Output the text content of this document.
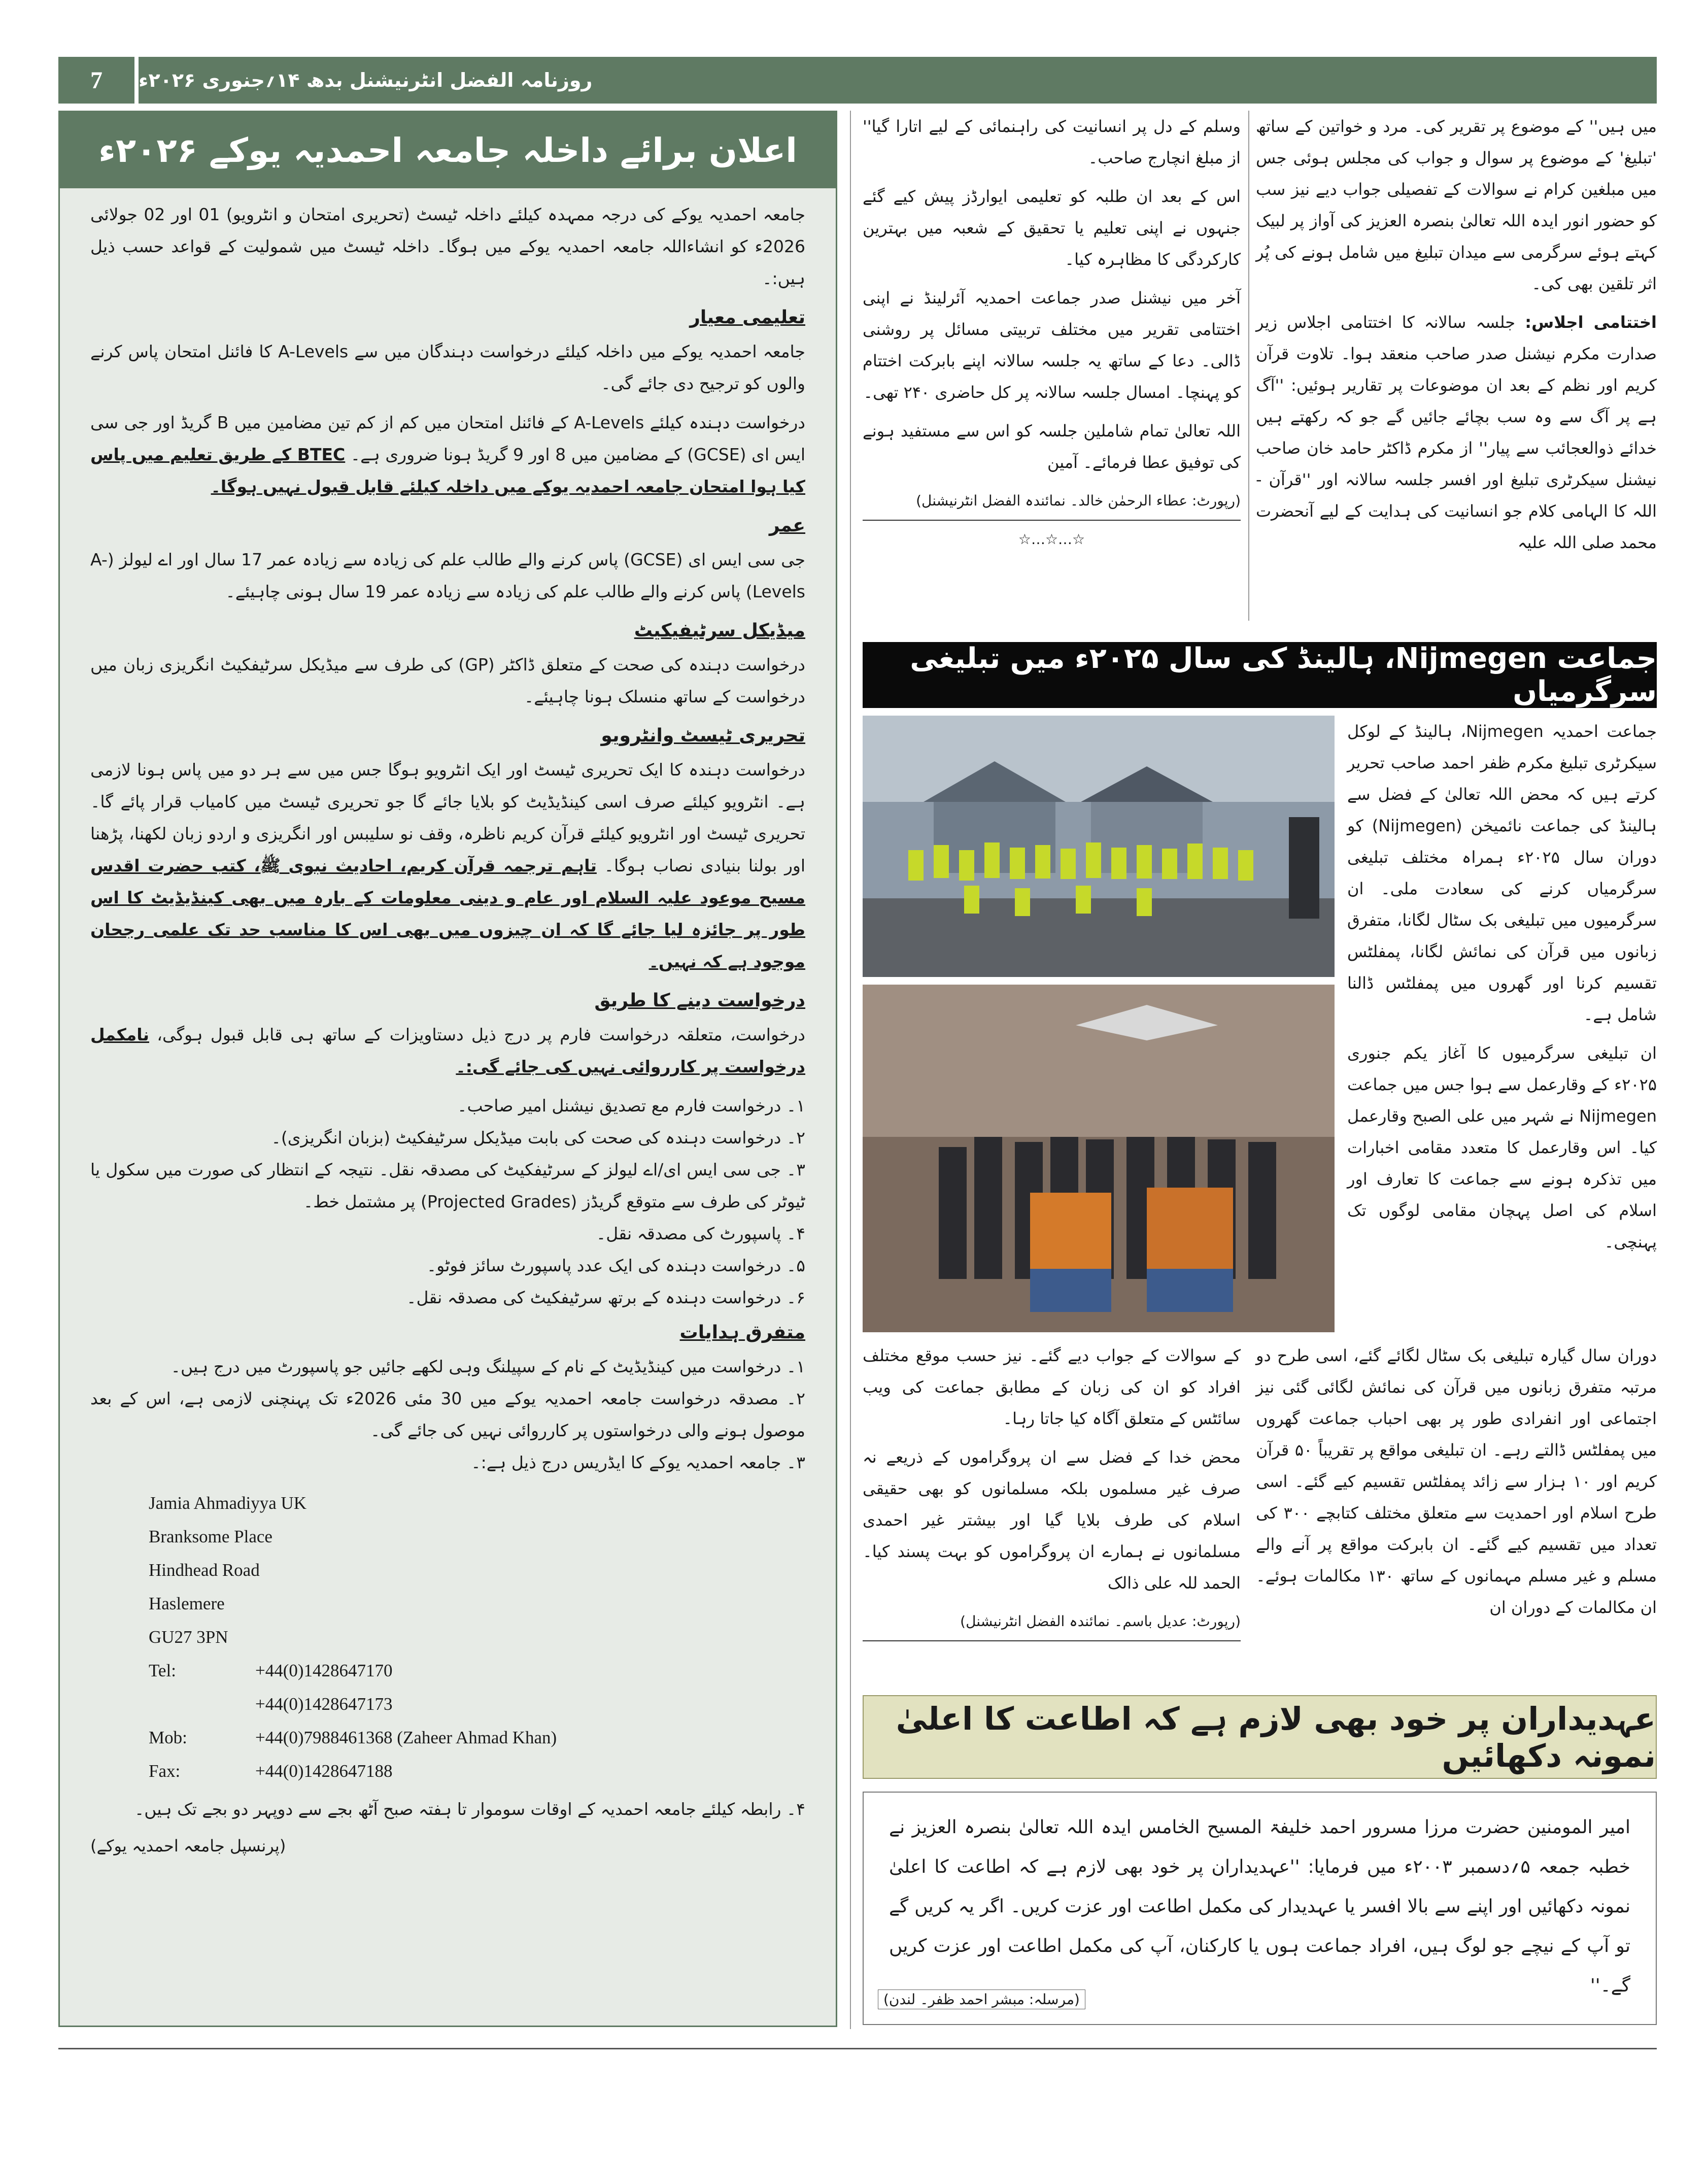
7	روزنامہ الفضل انٹرنیشنل بدھ ۱۴؍جنوری ۲۰۲۶ء
اعلان برائے داخلہ جامعہ احمدیہ یوکے ۲۰۲۶ء

جامعہ احمدیہ یوکے کی درجہ ممہدہ کیلئے داخلہ ٹیسٹ (تحریری امتحان و انٹرویو) 01 اور 02 جولائی 2026ء کو انشاءاللہ جامعہ احمدیہ یوکے میں ہوگا۔ داخلہ ٹیسٹ میں شمولیت کے قواعد حسب ذیل ہیں:۔

تعلیمی معیار

جامعہ احمدیہ یوکے میں داخلہ کیلئے درخواست دہندگان میں سے A-Levels کا فائنل امتحان پاس کرنے والوں کو ترجیح دی جائے گی۔

درخواست دہندہ کیلئے A-Levels کے فائنل امتحان میں کم از کم تین مضامین میں B گریڈ اور جی سی ایس ای (GCSE) کے مضامین میں 8 اور 9 گریڈ ہونا ضروری ہے۔ BTEC کے طریق تعلیم میں پاس کیا ہوا امتحان جامعہ احمدیہ یوکے میں داخلہ کیلئے قابل قبول نہیں ہوگا۔

عمر

جی سی ایس ای (GCSE) پاس کرنے والے طالب علم کی زیادہ سے زیادہ عمر 17 سال اور اے لیولز (A-Levels) پاس کرنے والے طالب علم کی زیادہ سے زیادہ عمر 19 سال ہونی چاہیئے۔

میڈیکل سرٹیفیکیٹ

درخواست دہندہ کی صحت کے متعلق ڈاکٹر (GP) کی طرف سے میڈیکل سرٹیفکیٹ انگریزی زبان میں درخواست کے ساتھ منسلک ہونا چاہیئے۔

تحریری ٹیسٹ وانٹرویو

درخواست دہندہ کا ایک تحریری ٹیسٹ اور ایک انٹرویو ہوگا جس میں سے ہر دو میں پاس ہونا لازمی ہے۔ انٹرویو کیلئے صرف اسی کینڈیڈیٹ کو بلایا جائے گا جو تحریری ٹیسٹ میں کامیاب قرار پائے گا۔ تحریری ٹیسٹ اور انٹرویو کیلئے قرآن کریم ناظرہ، وقف نو سلیبس اور انگریزی و اردو زبان لکھنا، پڑھنا اور بولنا بنیادی نصاب ہوگا۔ تاہم ترجمہ قرآن کریم، احادیث نبوی ﷺ، کتب حضرت اقدس مسیح موعود علیہ السلام اور عام و دینی معلومات کے بارہ میں بھی کینڈیڈیٹ کا اس طور پر جائزہ لیا جائے گا کہ ان چیزوں میں بھی اس کا مناسب حد تک علمی رجحان موجود ہے کہ نہیں۔

درخواست دینے کا طریق

درخواست، متعلقہ درخواست فارم پر درج ذیل دستاویزات کے ساتھ ہی قابل قبول ہوگی، نامکمل درخواست پر کارروائی نہیں کی جائے گی:۔

۱۔ درخواست فارم مع تصدیق نیشنل امیر صاحب۔

۲۔ درخواست دہندہ کی صحت کی بابت میڈیکل سرٹیفکیٹ (بزبان انگریزی)۔

۳۔ جی سی ایس ای/اے لیولز کے سرٹیفکیٹ کی مصدقہ نقل۔ نتیجہ کے انتظار کی صورت میں سکول یا ٹیوٹر کی طرف سے متوقع گریڈز (Projected Grades) پر مشتمل خط۔

۴۔ پاسپورٹ کی مصدقہ نقل۔

۵۔ درخواست دہندہ کی ایک عدد پاسپورٹ سائز فوٹو۔

۶۔ درخواست دہندہ کے برتھ سرٹیفکیٹ کی مصدقہ نقل۔

متفرق ہدایات

۱۔ درخواست میں کینڈیڈیٹ کے نام کے سپیلنگ وہی لکھے جائیں جو پاسپورٹ میں درج ہیں۔

۲۔ مصدقہ درخواست جامعہ احمدیہ یوکے میں 30 مئی 2026ء تک پہنچنی لازمی ہے، اس کے بعد موصول ہونے والی درخواستوں پر کارروائی نہیں کی جائے گی۔

۳۔ جامعہ احمدیہ یوکے کا ایڈریس درج ذیل ہے:۔

Jamia Ahmadiyya UK
Branksome Place
Hindhead Road
Haslemere
GU27 3PN
Tel:	+44(0)1428647170
+44(0)1428647173
Mob:	+44(0)7988461368 (Zaheer Ahmad Khan)
Fax:	+44(0)1428647188

۴۔ رابطہ کیلئے جامعہ احمدیہ کے اوقات سوموار تا ہفتہ صبح آٹھ بجے سے دوپہر دو بجے تک ہیں۔

(پرنسپل جامعہ احمدیہ یوکے)

میں ہیں'' کے موضوع پر تقریر کی۔ مرد و خواتین کے ساتھ 'تبلیغ' کے موضوع پر سوال و جواب کی مجلس ہوئی جس میں مبلغین کرام نے سوالات کے تفصیلی جواب دیے نیز سب کو حضور انور ایدہ اللہ تعالیٰ بنصرہ العزیز کی آواز پر لبیک کہتے ہوئے سرگرمی سے میدان تبلیغ میں شامل ہونے کی پُر اثر تلقین بھی کی۔

اختتامی اجلاس: جلسہ سالانہ کا اختتامی اجلاس زیر صدارت مکرم نیشنل صدر صاحب منعقد ہوا۔ تلاوت قرآن کریم اور نظم کے بعد ان موضوعات پر تقاریر ہوئیں: ''آگ ہے پر آگ سے وہ سب بچائے جائیں گے جو کہ رکھتے ہیں خدائے ذوالعجائب سے پیار'' از مکرم ڈاکٹر حامد خان صاحب نیشنل سیکرٹری تبلیغ اور افسر جلسہ سالانہ اور ''قرآن - اللہ کا الہامی کلام جو انسانیت کی ہدایت کے لیے آنحضرت محمد صلی اللہ علیہ

وسلم کے دل پر انسانیت کی راہنمائی کے لیے اتارا گیا'' از مبلغ انچارج صاحب۔

اس کے بعد ان طلبہ کو تعلیمی ایوارڈز پیش کیے گئے جنہوں نے اپنی تعلیم یا تحقیق کے شعبہ میں بہترین کارکردگی کا مظاہرہ کیا۔

آخر میں نیشنل صدر جماعت احمدیہ آئرلینڈ نے اپنی اختتامی تقریر میں مختلف تربیتی مسائل پر روشنی ڈالی۔ دعا کے ساتھ یہ جلسہ سالانہ اپنے بابرکت اختتام کو پہنچا۔ امسال جلسہ سالانہ پر کل حاضری ۲۴۰ تھی۔

اللہ تعالیٰ تمام شاملین جلسہ کو اس سے مستفید ہونے کی توفیق عطا فرمائے۔ آمین

(رپورٹ: عطاء الرحمٰن خالد۔ نمائندہ الفضل انٹرنیشنل)
☆…☆…☆
جماعت Nijmegen، ہالینڈ کی سال ۲۰۲۵ء میں تبلیغی سرگرمیاں

جماعت احمدیہ Nijmegen، ہالینڈ کے لوکل سیکرٹری تبلیغ مکرم ظفر احمد صاحب تحریر کرتے ہیں کہ محض اللہ تعالیٰ کے فضل سے ہالینڈ کی جماعت نائمیخن (Nijmegen) کو دوران سال ۲۰۲۵ء ہمراہ مختلف تبلیغی سرگرمیاں کرنے کی سعادت ملی۔ ان سرگرمیوں میں تبلیغی بک سٹال لگانا، متفرق زبانوں میں قرآن کی نمائش لگانا، پمفلٹس تقسیم کرنا اور گھروں میں پمفلٹس ڈالنا شامل ہے۔

ان تبلیغی سرگرمیوں کا آغاز یکم جنوری ۲۰۲۵ء کے وقارعمل سے ہوا جس میں جماعت Nijmegen نے شہر میں علی الصبح وقارعمل کیا۔ اس وقارعمل کا متعدد مقامی اخبارات میں تذکرہ ہونے سے جماعت کا تعارف اور اسلام کی اصل پہچان مقامی لوگوں تک پہنچی۔

دوران سال گیارہ تبلیغی بک سٹال لگائے گئے، اسی طرح دو مرتبہ متفرق زبانوں میں قرآن کی نمائش لگائی گئی نیز اجتماعی اور انفرادی طور پر بھی احباب جماعت گھروں میں پمفلٹس ڈالتے رہے۔ ان تبلیغی مواقع پر تقریباً ۵۰ قرآن کریم اور ۱۰ ہزار سے زائد پمفلٹس تقسیم کیے گئے۔ اسی طرح اسلام اور احمدیت سے متعلق مختلف کتابچے ۳۰۰ کی تعداد میں تقسیم کیے گئے۔ ان بابرکت مواقع پر آنے والے مسلم و غیر مسلم مہمانوں کے ساتھ ۱۳۰ مکالمات ہوئے۔ ان مکالمات کے دوران ان

کے سوالات کے جواب دیے گئے۔ نیز حسب موقع مختلف افراد کو ان کی زبان کے مطابق جماعت کی ویب سائٹس کے متعلق آگاہ کیا جاتا رہا۔

محض خدا کے فضل سے ان پروگراموں کے ذریعے نہ صرف غیر مسلموں بلکہ مسلمانوں کو بھی حقیقی اسلام کی طرف بلایا گیا اور بیشتر غیر احمدی مسلمانوں نے ہمارے ان پروگراموں کو بہت پسند کیا۔ الحمد للہ علی ذالک

(رپورٹ: عدیل باسم۔ نمائندہ الفضل انٹرنیشنل)
عہدیداران پر خود بھی لازم ہے کہ اطاعت کا اعلیٰ نمونہ دکھائیں
امیر المومنین حضرت مرزا مسرور احمد خلیفۃ المسیح الخامس ایدہ اللہ تعالیٰ بنصرہ العزیز نے خطبہ جمعہ ۵؍دسمبر ۲۰۰۳ء میں فرمایا: ''عہدیداران پر خود بھی لازم ہے کہ اطاعت کا اعلیٰ نمونہ دکھائیں اور اپنے سے بالا افسر یا عہدیدار کی مکمل اطاعت اور عزت کریں۔ اگر یہ کریں گے تو آپ کے نیچے جو لوگ ہیں، افراد جماعت ہوں یا کارکنان، آپ کی مکمل اطاعت اور عزت کریں گے۔''
(مرسلہ: مبشر احمد ظفر۔ لندن)
